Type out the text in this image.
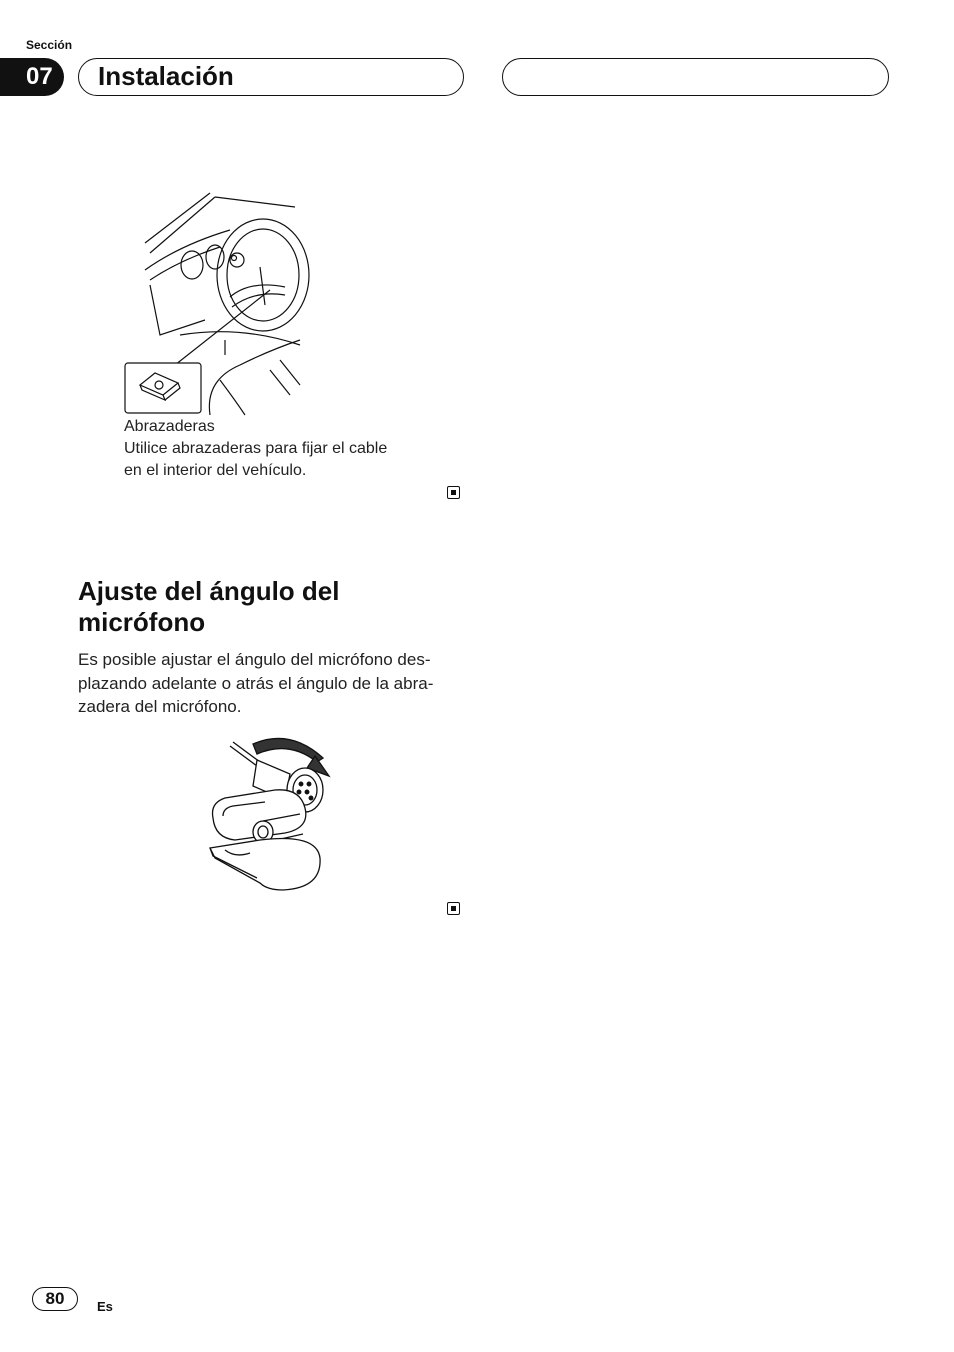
Sección
07	Instalación
Abrazaderas
Utilice abrazaderas para fijar el cable
en el interior del vehículo.
Ajuste del ángulo del
micrófono
Es posible ajustar el ángulo del micrófono des-
plazando adelante o atrás el ángulo de la abra-
zadera del micrófono.
80	Es
